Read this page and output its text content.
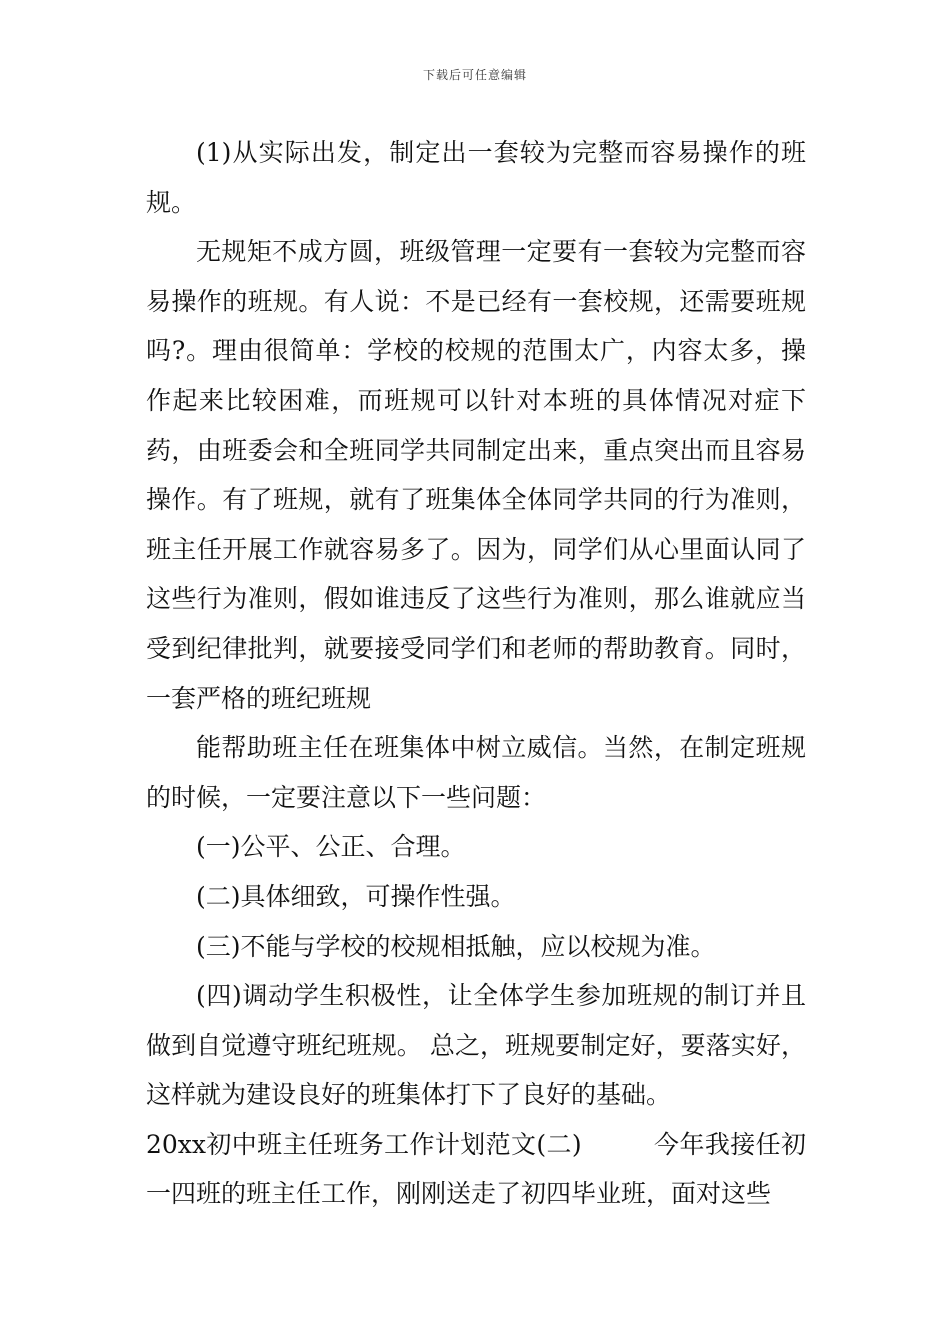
下载后可任意编辑

(1)从实际出发，制定出一套较为完整而容易操作的班规。

无规矩不成方圆，班级管理一定要有一套较为完整而容易操作的班规。有人说：不是已经有一套校规，还需要班规吗?。理由很简单：学校的校规的范围太广，内容太多，操作起来比较困难，而班规可以针对本班的具体情况对症下药，由班委会和全班同学共同制定出来，重点突出而且容易操作。有了班规，就有了班集体全体同学共同的行为准则，班主任开展工作就容易多了。因为，同学们从心里面认同了这些行为准则，假如谁违反了这些行为准则，那么谁就应当受到纪律批判，就要接受同学们和老师的帮助教育。同时，一套严格的班纪班规

能帮助班主任在班集体中树立威信。当然，在制定班规的时候，一定要注意以下一些问题：

(一)公平、公正、合理。

(二)具体细致，可操作性强。

(三)不能与学校的校规相抵触，应以校规为准。

(四)调动学生积极性，让全体学生参加班规的制订并且做到自觉遵守班纪班规。 总之，班规要制定好，要落实好，这样就为建设良好的班集体打下了良好的基础。

20xx初中班主任班务工作计划范文(二)	今年我接任初一四班的班主任工作，刚刚送走了初四毕业班，面对这些
